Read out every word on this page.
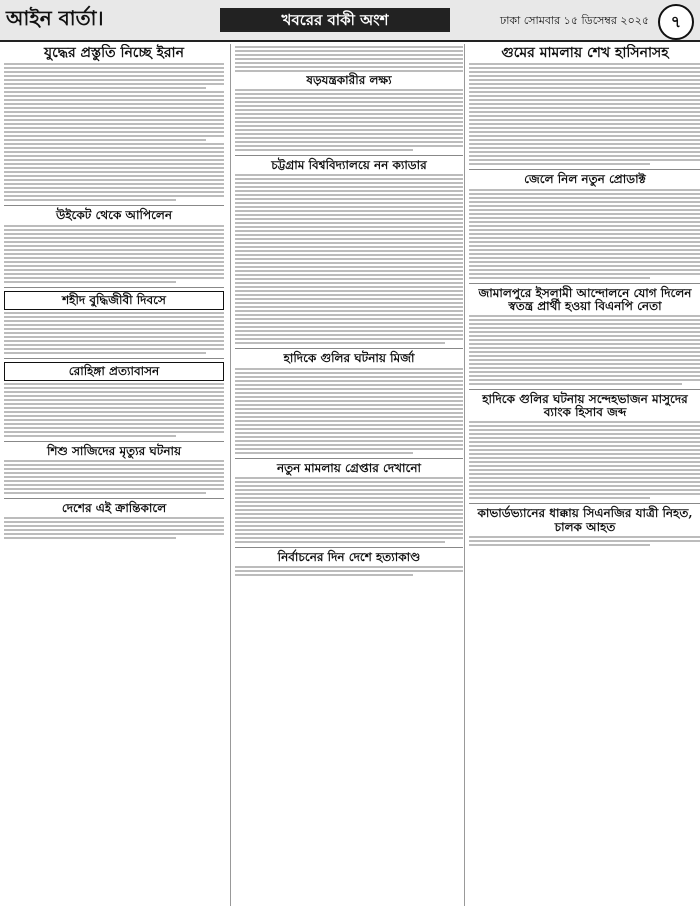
আইন বার্তা।	খবরের বাকী অংশ	ঢাকা সোমবার ১৫ ডিসেম্বর ২০২৫	৭
যুদ্ধের প্রস্তুতি নিচ্ছে ইরান
উইকেট থেকে আপিলেন
শহীদ বুদ্ধিজীবী দিবসে
রোহিঙ্গা প্রত্যাবাসন
শিশু সাজিদের মৃত্যুর ঘটনায়
দেশের এই ক্রান্তিকালে
ষড়যন্ত্রকারীর লক্ষ্য
চট্টগ্রাম বিশ্ববিদ্যালয়ে নন ক্যাডার
হাদিকে গুলির ঘটনায় মির্জা
নতুন মামলায় গ্রেপ্তার দেখানো
নির্বাচনের দিন দেশে হত্যাকাণ্ড
গুমের মামলায় শেখ হাসিনাসহ
জেলে নিল নতুন প্রোডাক্ট
জামালপুরে ইসলামী আন্দোলনে যোগ দিলেন স্বতন্ত্র প্রার্থী হওয়া বিএনপি নেতা
হাদিকে গুলির ঘটনায় সন্দেহভাজন মাসুদের ব্যাংক হিসাব জব্দ
কাভার্ডভ্যানের ধাক্কায় সিএনজির যাত্রী নিহত, চালক আহত
